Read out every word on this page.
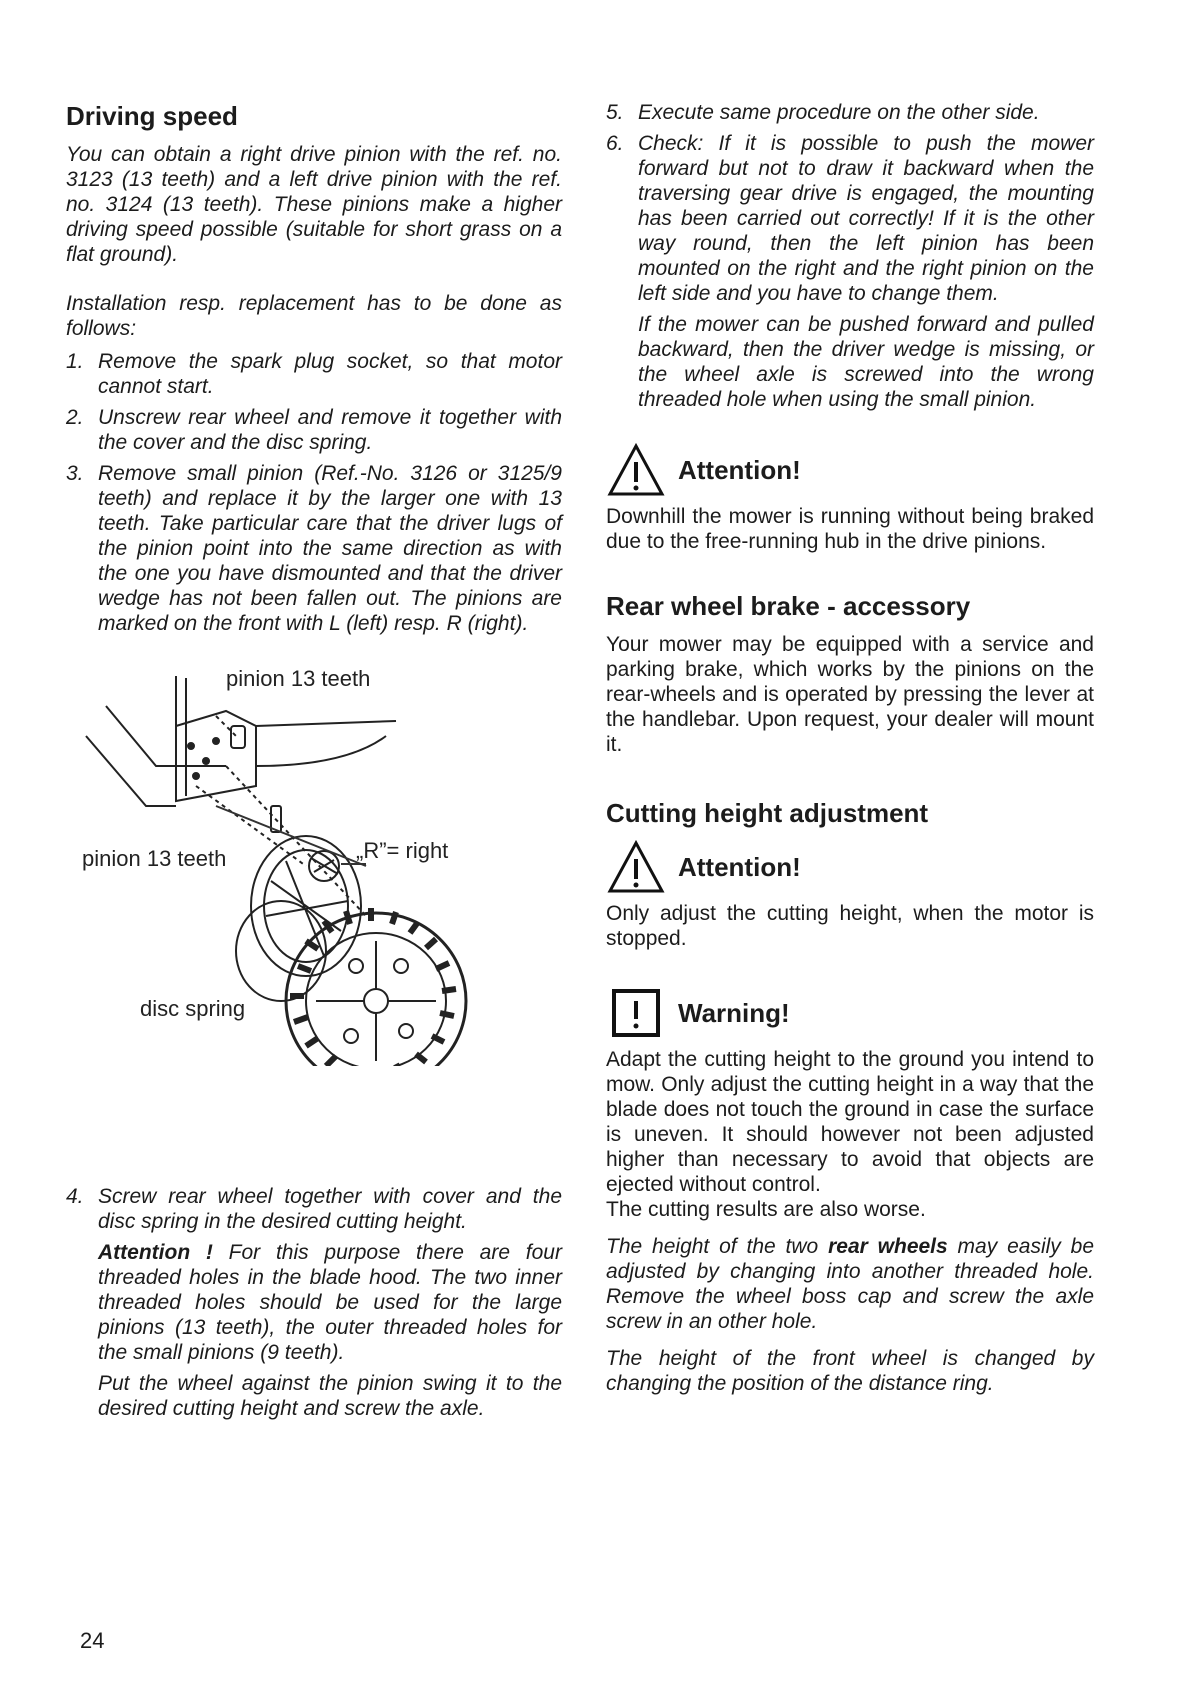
Driving speed

You can obtain a right drive pinion with the ref. no. 3123 (13 teeth) and a left drive pinion with the ref. no. 3124 (13 teeth). These pinions make a higher driving speed possible (suitable for short grass on a flat ground).

Installation resp. replacement has to be done as follows:

1. Remove the spark plug socket, so that motor cannot start.
2. Unscrew rear wheel and remove it together with the cover and the disc spring.
3. Remove small pinion (Ref.-No. 3126 or 3125/9 teeth) and replace it by the larger one with 13 teeth. Take particular care that the driver lugs of the pinion point into the same direction as with the one you have dismounted and that the driver wedge has not been fallen out. The pinions are marked on the front with L (left) resp. R (right).
pinion 13 teeth
pinion 13 teeth	„R”= right
disc spring
4. Screw rear wheel together with cover and the disc spring in the desired cutting height.

Attention ! For this purpose there are four threaded holes in the blade hood. The two inner threaded holes should be used for the large pinions (13 teeth), the outer threaded holes for the small pinions (9 teeth).

Put the wheel against the pinion swing it to the desired cutting height and screw the axle.

5. Execute same procedure on the other side.
6. Check: If it is possible to push the mower forward but not to draw it backward when the traversing gear drive is engaged, the mounting has been carried out correctly! If it is the other way round, then the left pinion has been mounted on the right and the right pinion on the left side and you have to change them.

If the mower can be pushed forward and pulled backward, then the driver wedge is missing, or the wheel axle is screwed into the wrong threaded hole when using the small pinion.

Attention!

Downhill the mower is running without being braked due to the free-running hub in the drive pinions.

Rear wheel brake - accessory

Your mower may be equipped with a service and parking brake, which works by the pinions on the rear-wheels and is operated by pressing the lever at the handlebar. Upon request, your dealer will mount it.

Cutting height adjustment
Attention!

Only adjust the cutting height, when the motor is stopped.

Warning!

Adapt the cutting height to the ground you intend to mow. Only adjust the cutting height in a way that the blade does not touch the ground in case the surface is uneven. It should however not been adjusted higher than necessary to avoid that objects are ejected without control.

The cutting results are also worse.

The height of the two rear wheels may easily be adjusted by changing into another threaded hole. Remove the wheel boss cap and screw the axle screw in an other hole.

The height of the front wheel is changed by changing the position of the distance ring.

24
